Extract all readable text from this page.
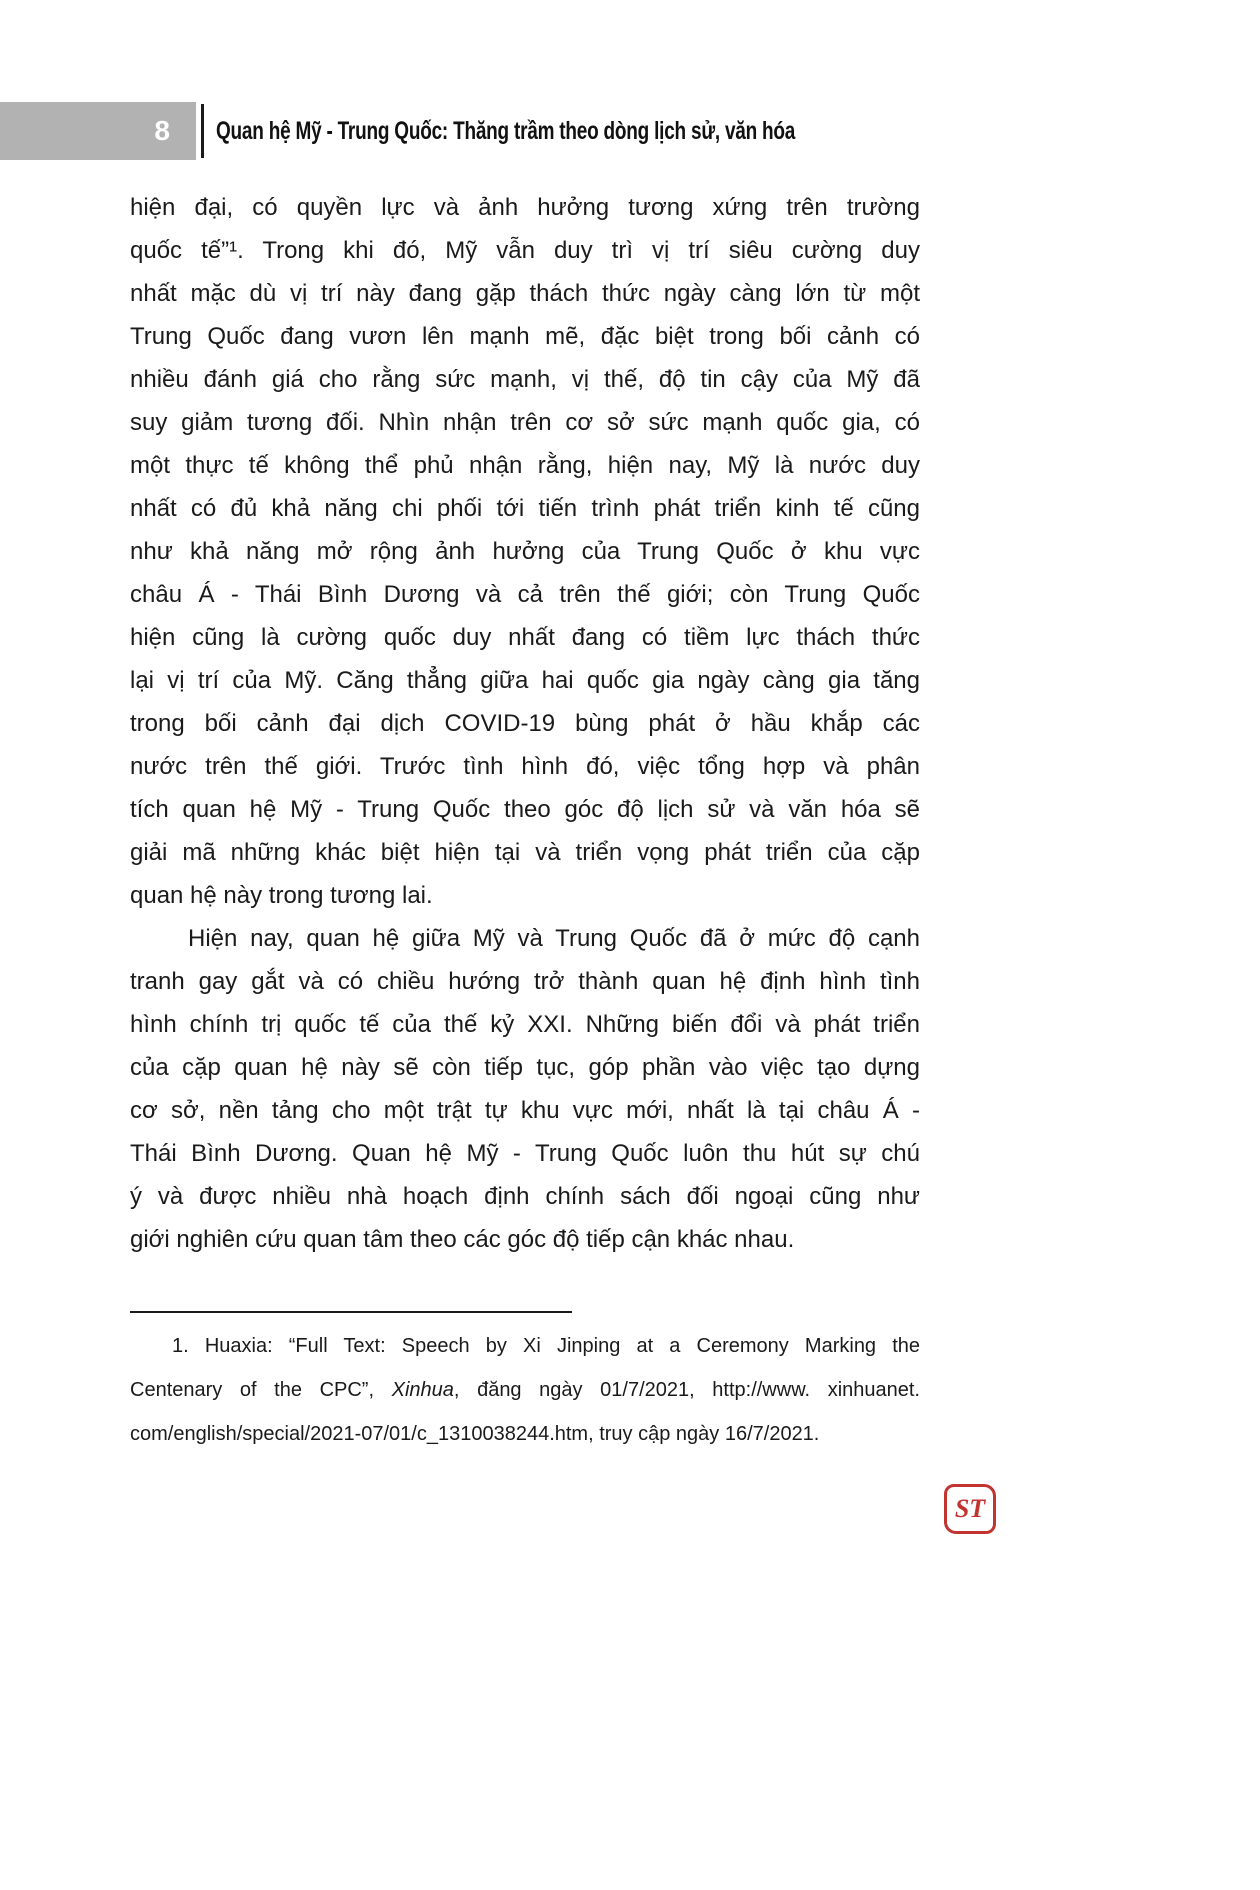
8 Quan hệ Mỹ - Trung Quốc: Thăng trầm theo dòng lịch sử, văn hóa
hiện đại, có quyền lực và ảnh hưởng tương xứng trên trường
quốc tế”¹. Trong khi đó, Mỹ vẫn duy trì vị trí siêu cường duy
nhất mặc dù vị trí này đang gặp thách thức ngày càng lớn từ một
Trung Quốc đang vươn lên mạnh mẽ, đặc biệt trong bối cảnh có
nhiều đánh giá cho rằng sức mạnh, vị thế, độ tin cậy của Mỹ đã
suy giảm tương đối. Nhìn nhận trên cơ sở sức mạnh quốc gia, có
một thực tế không thể phủ nhận rằng, hiện nay, Mỹ là nước duy
nhất có đủ khả năng chi phối tới tiến trình phát triển kinh tế cũng
như khả năng mở rộng ảnh hưởng của Trung Quốc ở khu vực
châu Á - Thái Bình Dương và cả trên thế giới; còn Trung Quốc
hiện cũng là cường quốc duy nhất đang có tiềm lực thách thức
lại vị trí của Mỹ. Căng thẳng giữa hai quốc gia ngày càng gia tăng
trong bối cảnh đại dịch COVID-19 bùng phát ở hầu khắp các
nước trên thế giới. Trước tình hình đó, việc tổng hợp và phân
tích quan hệ Mỹ - Trung Quốc theo góc độ lịch sử và văn hóa sẽ
giải mã những khác biệt hiện tại và triển vọng phát triển của cặp
quan hệ này trong tương lai.
Hiện nay, quan hệ giữa Mỹ và Trung Quốc đã ở mức độ cạnh
tranh gay gắt và có chiều hướng trở thành quan hệ định hình tình
hình chính trị quốc tế của thế kỷ XXI. Những biến đổi và phát triển
của cặp quan hệ này sẽ còn tiếp tục, góp phần vào việc tạo dựng
cơ sở, nền tảng cho một trật tự khu vực mới, nhất là tại châu Á -
Thái Bình Dương. Quan hệ Mỹ - Trung Quốc luôn thu hút sự chú
ý và được nhiều nhà hoạch định chính sách đối ngoại cũng như
giới nghiên cứu quan tâm theo các góc độ tiếp cận khác nhau.
1. Huaxia: “Full Text: Speech by Xi Jinping at a Ceremony Marking the
Centenary of the CPC”, Xinhua, đăng ngày 01/7/2021, http://www. xinhuanet.
com/english/special/2021-07/01/c_1310038244.htm, truy cập ngày 16/7/2021.
ST
